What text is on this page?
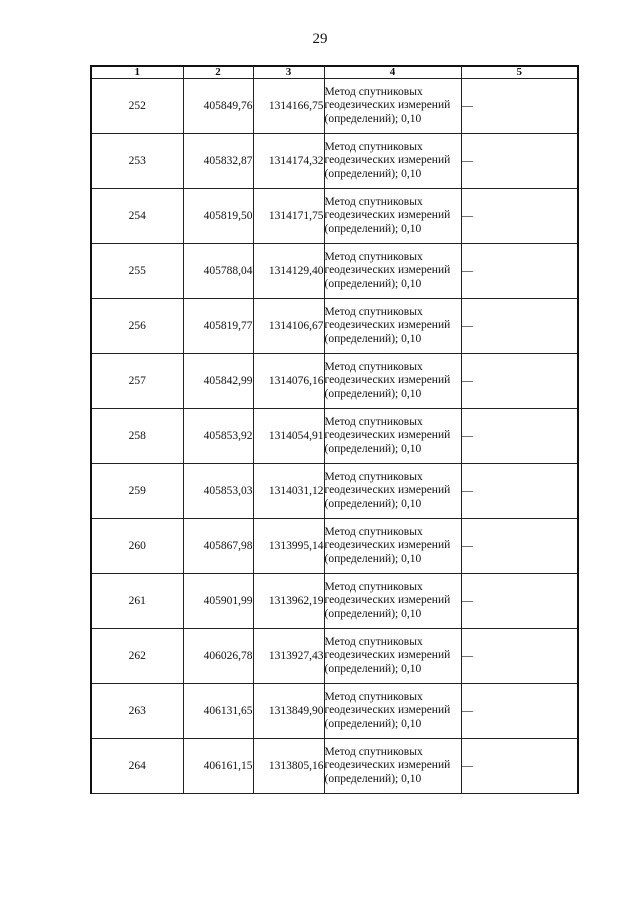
29
1	2	3	4	5
252	405849,76	1314166,75	Метод спутниковых геодезических измерений (определений); 0,10	—
253	405832,87	1314174,32	Метод спутниковых геодезических измерений (определений); 0,10	—
254	405819,50	1314171,75	Метод спутниковых геодезических измерений (определений); 0,10	—
255	405788,04	1314129,40	Метод спутниковых геодезических измерений (определений); 0,10	—
256	405819,77	1314106,67	Метод спутниковых геодезических измерений (определений); 0,10	—
257	405842,99	1314076,16	Метод спутниковых геодезических измерений (определений); 0,10	—
258	405853,92	1314054,91	Метод спутниковых геодезических измерений (определений); 0,10	—
259	405853,03	1314031,12	Метод спутниковых геодезических измерений (определений); 0,10	—
260	405867,98	1313995,14	Метод спутниковых геодезических измерений (определений); 0,10	—
261	405901,99	1313962,19	Метод спутниковых геодезических измерений (определений); 0,10	—
262	406026,78	1313927,43	Метод спутниковых геодезических измерений (определений); 0,10	—
263	406131,65	1313849,90	Метод спутниковых геодезических измерений (определений); 0,10	—
264	406161,15	1313805,16	Метод спутниковых геодезических измерений (определений); 0,10	—
